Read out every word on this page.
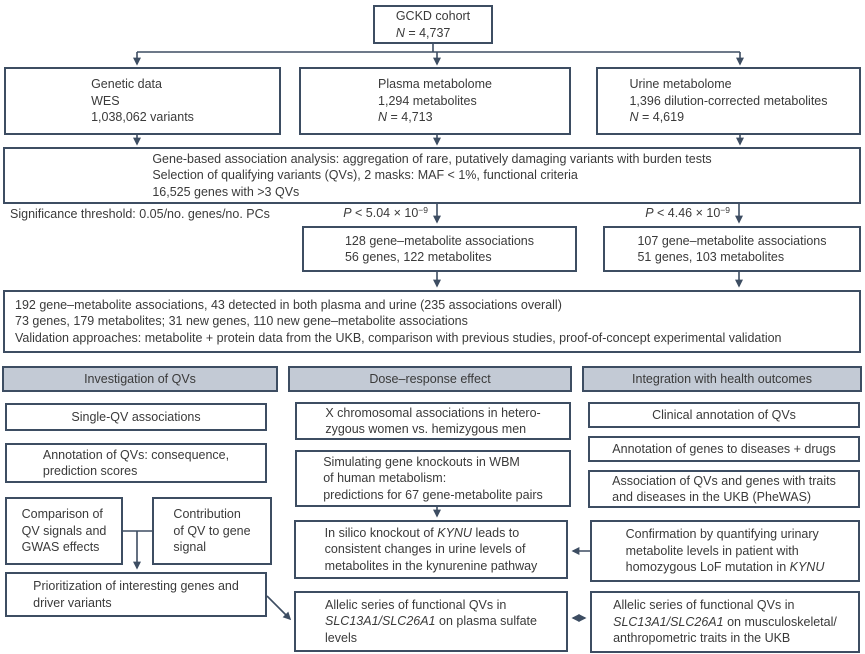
GCKD cohort
N = 4,737
Genetic data
WES
1,038,062 variants
Plasma metabolome
1,294 metabolites
N = 4,713
Urine metabolome
1,396 dilution-corrected metabolites
N = 4,619
Gene-based association analysis: aggregation of rare, putatively damaging variants with burden tests
Selection of qualifying variants (QVs), 2 masks: MAF < 1%, functional criteria
16,525 genes with >3 QVs
Significance threshold: 0.05/no. genes/no. PCs	$P < 5.04 \times 10^{-9}$	$P < 4.46 \times 10^{-9}$
128 gene–metabolite associations
56 genes, 122 metabolites
107 gene–metabolite associations
51 genes, 103 metabolites
192 gene–metabolite associations, 43 detected in both plasma and urine (235 associations overall)
73 genes, 179 metabolites; 31 new genes, 110 new gene–metabolite associations
Validation approaches: metabolite + protein data from the UKB, comparison with previous studies, proof-of-concept experimental validation
Investigation of QVs	Dose–response effect	Integration with health outcomes
Single-QV associations
Annotation of QVs: consequence,
prediction scores
Comparison of
QV signals and
GWAS effects
Contribution
of QV to gene
signal
Prioritization of interesting genes and
driver variants
X chromosomal associations in hetero-
zygous women vs. hemizygous men
Simulating gene knockouts in WBM
of human metabolism:
predictions for 67 gene-metabolite pairs
In silico knockout of KYNU leads to
consistent changes in urine levels of
metabolites in the kynurenine pathway
Allelic series of functional QVs in
SLC13A1/SLC26A1 on plasma sulfate
levels
Clinical annotation of QVs
Annotation of genes to diseases + drugs
Association of QVs and genes with traits
and diseases in the UKB (PheWAS)
Confirmation by quantifying urinary
metabolite levels in patient with
homozygous LoF mutation in KYNU
Allelic series of functional QVs in
SLC13A1/SLC26A1 on musculoskeletal/
anthropometric traits in the UKB
